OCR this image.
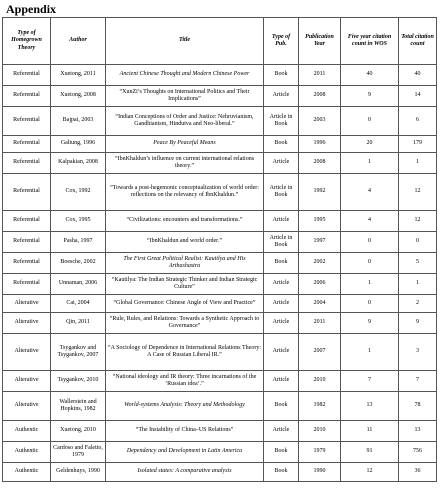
Appendix
Type of Homegrown Theory	Author	Title	Type of Pub.	Publication Year	Five year citation count in WOS	Total citation count
Referential	Xuetong, 2011	Ancient Chinese Thought and Modern Chinese Power	Book	2011	40	40
Referential	Xuetong, 2008	“XunZi’s Thoughts on International Politics and Their Implications”	Article	2008	9	14
Referential	Bajpai, 2003	“Indian Conceptions of Order and Justice: Nehruvianism, Gandhianism, Hindutva and Neo-liberal.”	Article in Book	2003	0	6
Referential	Galtung, 1996	Peace By Peaceful Means	Book	1996	20	179
Referential	Kalpakian, 2008	“IbnKhaldun’s influence on current international relations theory.”	Article	2008	1	1
Referential	Cox, 1992	“Towards a post-hegemonic conceptualization of world order: reflections on the relevancy of IbnKhaldun.”	Article in Book	1992	4	12
Referential	Cox, 1995	“Civilizations: encounters and transformations.”	Article	1995	4	12
Referential	Pasha, 1997	“IbnKhaldun and world order.”	Article in Book	1997	0	0
Referential	Boesche, 2002	The First Great Political Realist: Kautilya and His Arthashastra	Book	2002	0	5
Referential	Unnaman, 2006	“Kautilya: The Indian Strategic Thinker and Indian Strategic Culture”	Article	2006	1	1
Alterative	Cai, 2004	“Global Governance: Chinese Angle of View and Practice”	Article	2004	0	2
Alterative	Qin, 2011	“Rule, Rules, and Relations: Towards a Synthetic Approach to Governance”	Article	2011	9	9
Alterative	Tsygankov and Tsygankov, 2007	“A Sociology of Dependence in International Relations Theory: A Case of Russian Liberal IR.”	Article	2007	1	3
Alterative	Tsygankov, 2010	“National ideology and IR theory: Three incarnations of the ‘Russian idea’.”	Article	2010	7	7
Alterative	Wallerstein and Hopkins, 1982	World-systems Analysis: Theory and Methodology	Book	1982	13	78
Authentic	Xuetong, 2010	“The Instability of China–US Relations”	Article	2010	11	13
Authentic	Cardoso and Faletto, 1979	Dependency and Development in Latin America	Book	1979	91	756
Authentic	Geldenhuys, 1990	Isolated states: A comparative analysis	Book	1990	12	36
